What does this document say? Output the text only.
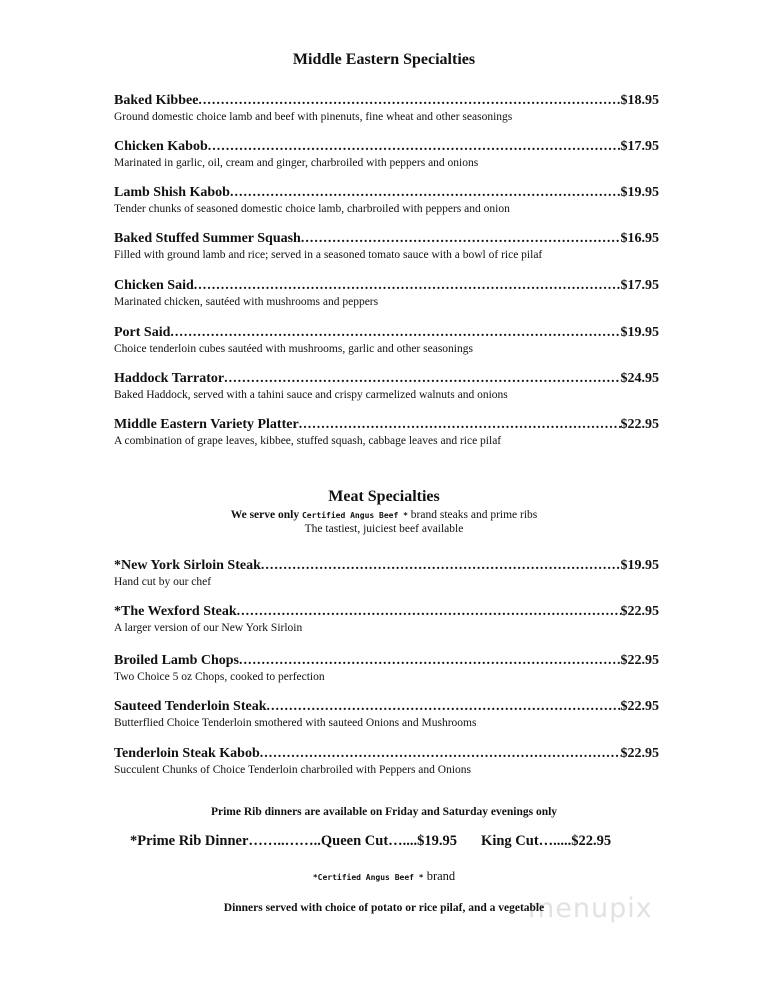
Middle Eastern Specialties
Baked Kibbee .....	$18.95
Ground domestic choice lamb and beef with pinenuts, fine wheat and other seasonings
Chicken Kabob .....	$17.95
Marinated in garlic, oil, cream and ginger, charbroiled with peppers and onions
Lamb Shish Kabob .....	$19.95
Tender chunks of seasoned domestic choice lamb, charbroiled with peppers and onion
Baked Stuffed Summer Squash .....	$16.95
Filled with ground lamb and rice; served in a seasoned tomato sauce with a bowl of rice pilaf
Chicken Said .....	$17.95
Marinated chicken, sautéed with mushrooms and peppers
Port Said .....	$19.95
Choice tenderloin cubes sautéed with mushrooms, garlic and other seasonings
Haddock Tarrator .....	$24.95
Baked Haddock, served with a tahini sauce and crispy carmelized walnuts and onions
Middle Eastern Variety Platter .....	$22.95
A combination of grape leaves, kibbee, stuffed squash, cabbage leaves and rice pilaf
Meat Specialties
We serve only Certified Angus Beef * brand steaks and prime ribs
The tastiest, juiciest beef available
*New York Sirloin Steak .....	$19.95
Hand cut by our chef
*The Wexford Steak .....	$22.95
A larger version of our New York Sirloin
Broiled Lamb Chops .....	$22.95
Two Choice 5 oz Chops, cooked to perfection
Sauteed Tenderloin Steak .....	$22.95
Butterflied Choice Tenderloin smothered with sauteed Onions and Mushrooms
Tenderloin Steak Kabob .....	$22.95
Succulent Chunks of Choice Tenderloin charbroiled with Peppers and Onions
Prime Rib dinners are available on Friday and Saturday evenings only
*Prime Rib Dinner……..……..Queen Cut…....$19.95 King Cut….....$22.95
*Certified Angus Beef * brand
menupix
Dinners served with choice of potato or rice pilaf, and a vegetable
